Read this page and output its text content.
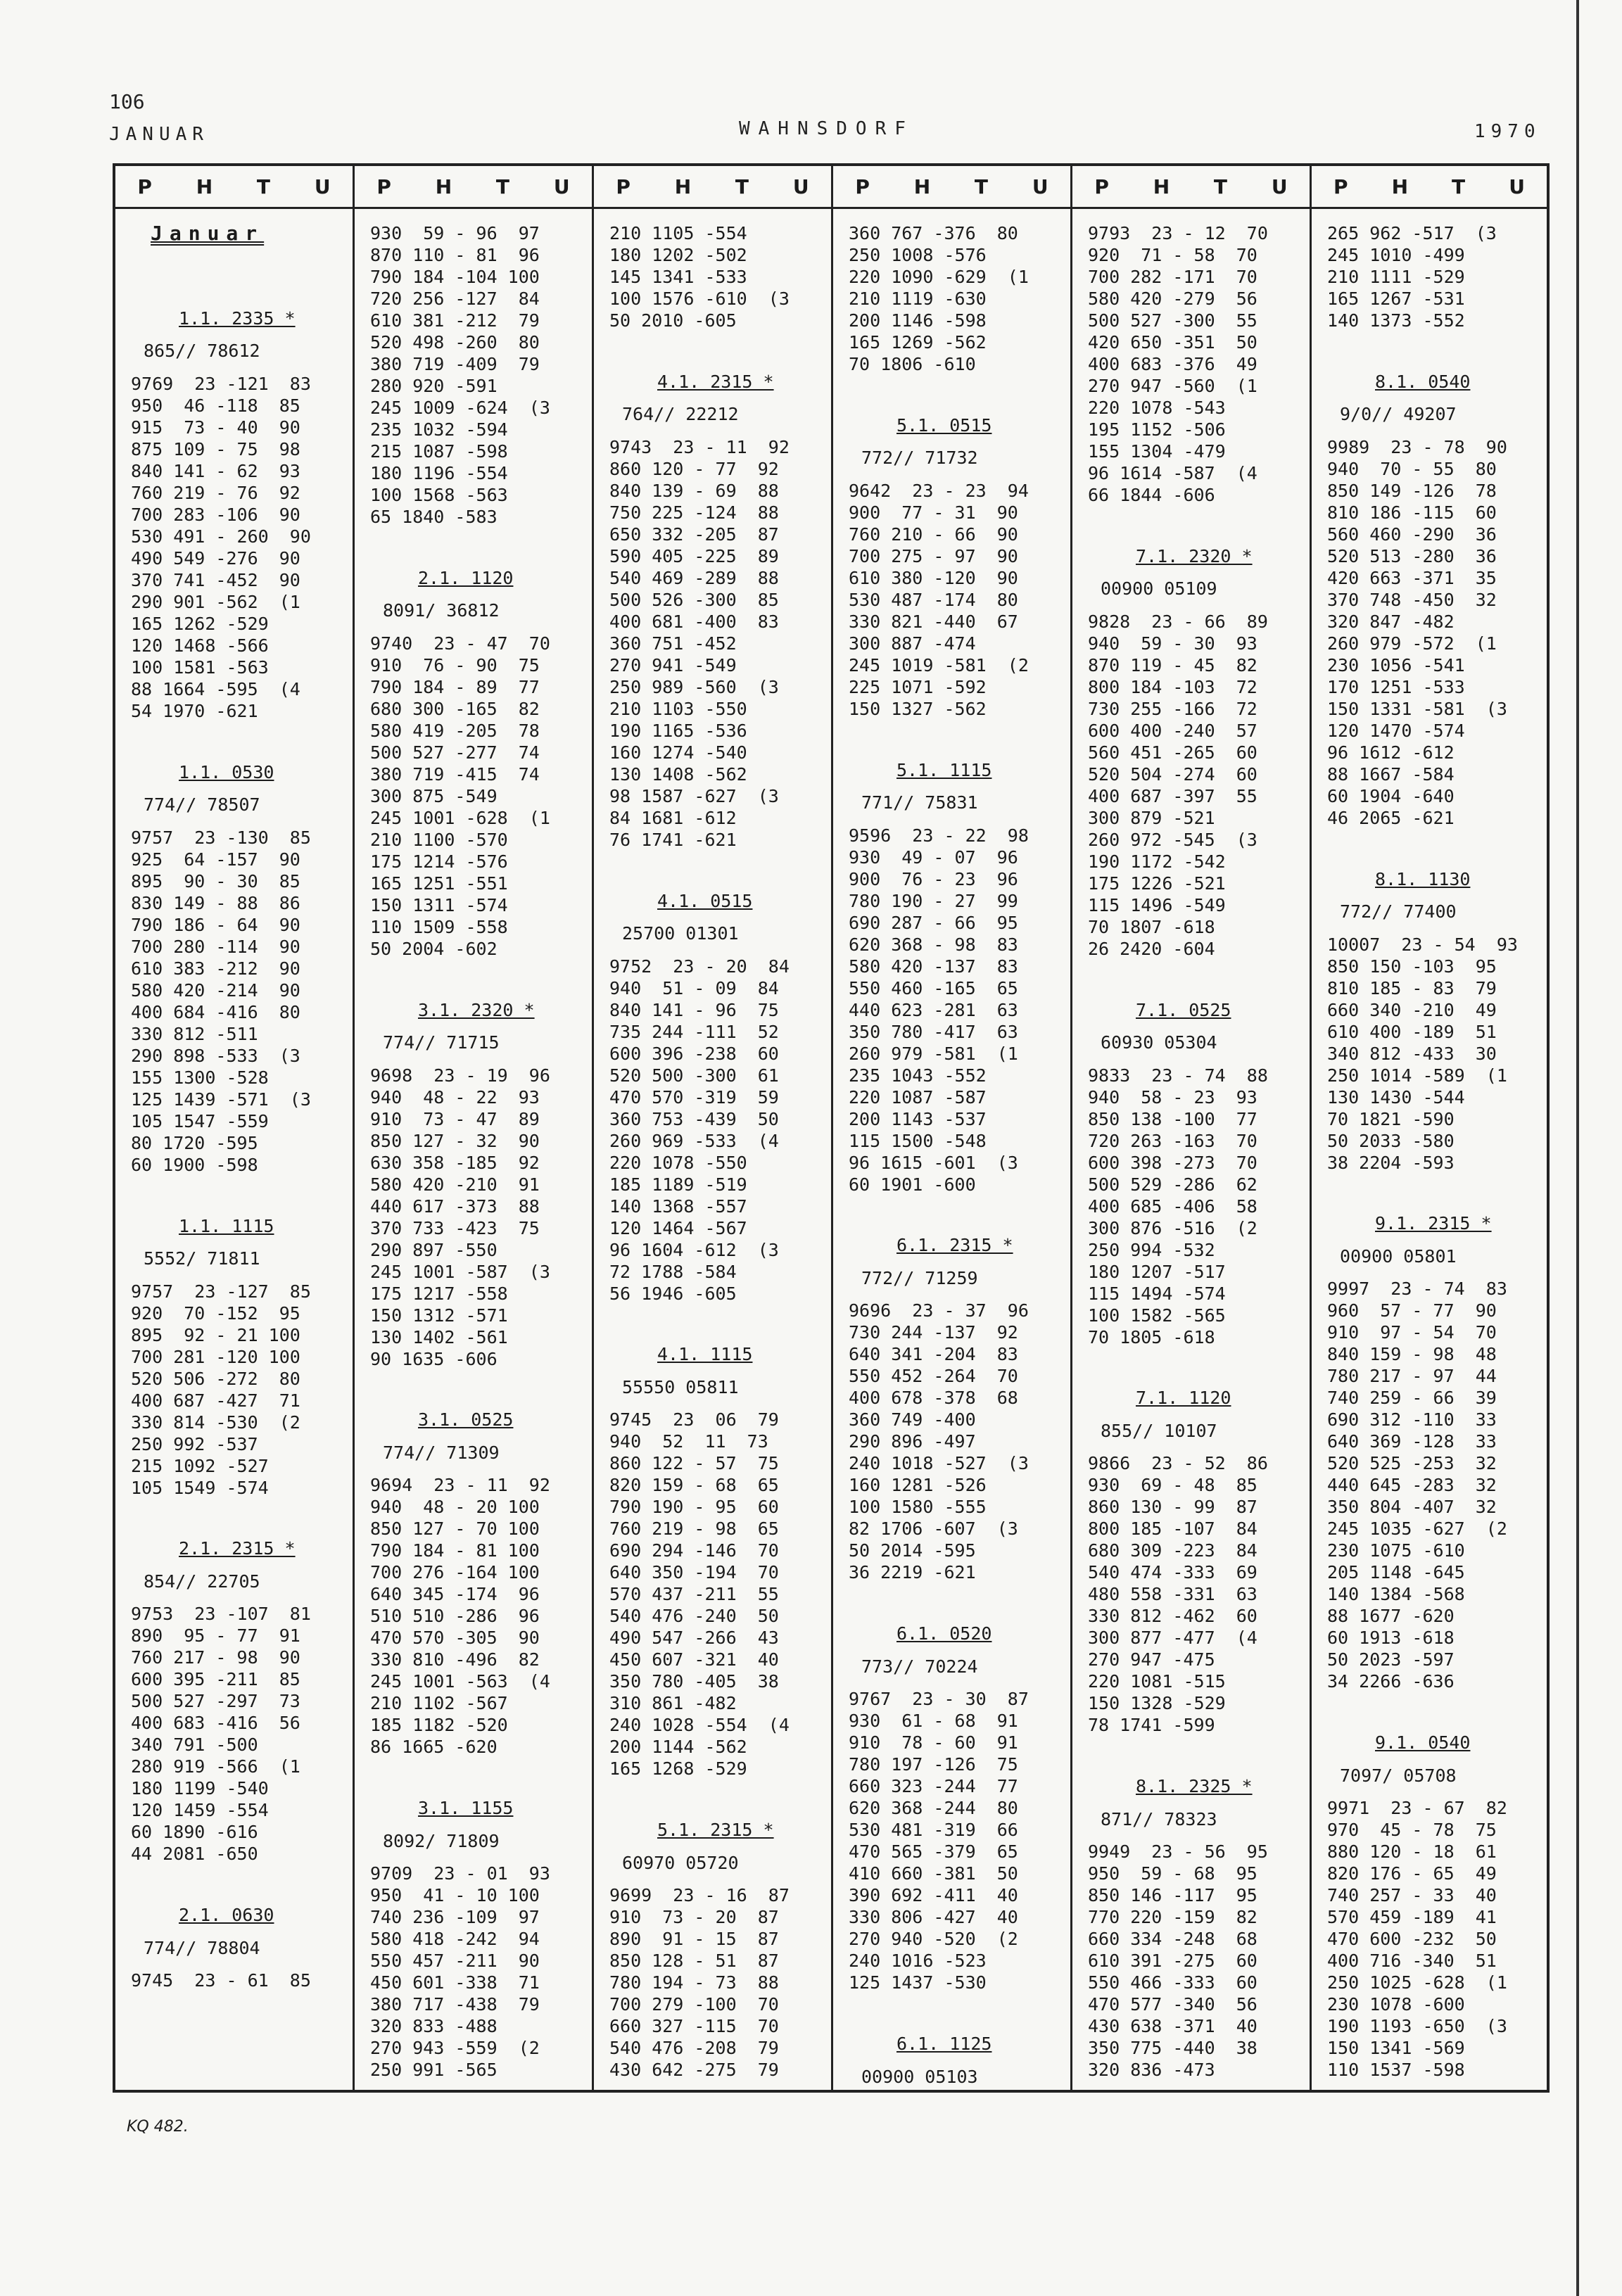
106
JANUAR	WAHNSDORF	1970
P H T U
Januar
1.1. 2335 *
865// 78612
9769  23 -121  83
950  46 -118  85
915  73 - 40  90
875 109 - 75  98
840 141 - 62  93
760 219 - 76  92
700 283 -106  90
530 491 - 260  90
490 549 -276  90
370 741 -452  90
290 901 -562  (1
165 1262 -529
120 1468 -566
100 1581 -563
88 1664 -595  (4
54 1970 -621
1.1. 0530
774// 78507
9757  23 -130  85
925  64 -157  90
895  90 - 30  85
830 149 - 88  86
790 186 - 64  90
700 280 -114  90
610 383 -212  90
580 420 -214  90
400 684 -416  80
330 812 -511
290 898 -533  (3
155 1300 -528
125 1439 -571  (3
105 1547 -559
80 1720 -595
60 1900 -598
1.1. 1115
5552/ 71811
9757  23 -127  85
920  70 -152  95
895  92 - 21 100
700 281 -120 100
520 506 -272  80
400 687 -427  71
330 814 -530  (2
250 992 -537
215 1092 -527
105 1549 -574
2.1. 2315 *
854// 22705
9753  23 -107  81
890  95 - 77  91
760 217 - 98  90
600 395 -211  85
500 527 -297  73
400 683 -416  56
340 791 -500
280 919 -566  (1
180 1199 -540
120 1459 -554
60 1890 -616
44 2081 -650
2.1. 0630
774// 78804
9745  23 - 61  85
P H T U
930  59 - 96  97
870 110 - 81  96
790 184 -104 100
720 256 -127  84
610 381 -212  79
520 498 -260  80
380 719 -409  79
280 920 -591
245 1009 -624  (3
235 1032 -594
215 1087 -598
180 1196 -554
100 1568 -563
65 1840 -583
2.1. 1120
8091/ 36812
9740  23 - 47  70
910  76 - 90  75
790 184 - 89  77
680 300 -165  82
580 419 -205  78
500 527 -277  74
380 719 -415  74
300 875 -549
245 1001 -628  (1
210 1100 -570
175 1214 -576
165 1251 -551
150 1311 -574
110 1509 -558
50 2004 -602
3.1. 2320 *
774// 71715
9698  23 - 19  96
940  48 - 22  93
910  73 - 47  89
850 127 - 32  90
630 358 -185  92
580 420 -210  91
440 617 -373  88
370 733 -423  75
290 897 -550
245 1001 -587  (3
175 1217 -558
150 1312 -571
130 1402 -561
90 1635 -606
3.1. 0525
774// 71309
9694  23 - 11  92
940  48 - 20 100
850 127 - 70 100
790 184 - 81 100
700 276 -164 100
640 345 -174  96
510 510 -286  96
470 570 -305  90
330 810 -496  82
245 1001 -563  (4
210 1102 -567
185 1182 -520
86 1665 -620
3.1. 1155
8092/ 71809
9709  23 - 01  93
950  41 - 10 100
740 236 -109  97
580 418 -242  94
550 457 -211  90
450 601 -338  71
380 717 -438  79
320 833 -488
270 943 -559  (2
250 991 -565
P H T U
210 1105 -554
180 1202 -502
145 1341 -533
100 1576 -610  (3
50 2010 -605
4.1. 2315 *
764// 22212
9743  23 - 11  92
860 120 - 77  92
840 139 - 69  88
750 225 -124  88
650 332 -205  87
590 405 -225  89
540 469 -289  88
500 526 -300  85
400 681 -400  83
360 751 -452
270 941 -549
250 989 -560  (3
210 1103 -550
190 1165 -536
160 1274 -540
130 1408 -562
98 1587 -627  (3
84 1681 -612
76 1741 -621
4.1. 0515
25700 01301
9752  23 - 20  84
940  51 - 09  84
840 141 - 96  75
735 244 -111  52
600 396 -238  60
520 500 -300  61
470 570 -319  59
360 753 -439  50
260 969 -533  (4
220 1078 -550
185 1189 -519
140 1368 -557
120 1464 -567
96 1604 -612  (3
72 1788 -584
56 1946 -605
4.1. 1115
55550 05811
9745  23  06  79
940  52  11  73
860 122 - 57  75
820 159 - 68  65
790 190 - 95  60
760 219 - 98  65
690 294 -146  70
640 350 -194  70
570 437 -211  55
540 476 -240  50
490 547 -266  43
450 607 -321  40
350 780 -405  38
310 861 -482
240 1028 -554  (4
200 1144 -562
165 1268 -529
5.1. 2315 *
60970 05720
9699  23 - 16  87
910  73 - 20  87
890  91 - 15  87
850 128 - 51  87
780 194 - 73  88
700 279 -100  70
660 327 -115  70
540 476 -208  79
430 642 -275  79
P H T U
360 767 -376  80
250 1008 -576
220 1090 -629  (1
210 1119 -630
200 1146 -598
165 1269 -562
70 1806 -610
5.1. 0515
772// 71732
9642  23 - 23  94
900  77 - 31  90
760 210 - 66  90
700 275 - 97  90
610 380 -120  90
530 487 -174  80
330 821 -440  67
300 887 -474
245 1019 -581  (2
225 1071 -592
150 1327 -562
5.1. 1115
771// 75831
9596  23 - 22  98
930  49 - 07  96
900  76 - 23  96
780 190 - 27  99
690 287 - 66  95
620 368 - 98  83
580 420 -137  83
550 460 -165  65
440 623 -281  63
350 780 -417  63
260 979 -581  (1
235 1043 -552
220 1087 -587
200 1143 -537
115 1500 -548
96 1615 -601  (3
60 1901 -600
6.1. 2315 *
772// 71259
9696  23 - 37  96
730 244 -137  92
640 341 -204  83
550 452 -264  70
400 678 -378  68
360 749 -400
290 896 -497
240 1018 -527  (3
160 1281 -526
100 1580 -555
82 1706 -607  (3
50 2014 -595
36 2219 -621
6.1. 0520
773// 70224
9767  23 - 30  87
930  61 - 68  91
910  78 - 60  91
780 197 -126  75
660 323 -244  77
620 368 -244  80
530 481 -319  66
470 565 -379  65
410 660 -381  50
390 692 -411  40
330 806 -427  40
270 940 -520  (2
240 1016 -523
125 1437 -530
6.1. 1125
00900 05103
P H T U
9793  23 - 12  70
920  71 - 58  70
700 282 -171  70
580 420 -279  56
500 527 -300  55
420 650 -351  50
400 683 -376  49
270 947 -560  (1
220 1078 -543
195 1152 -506
155 1304 -479
96 1614 -587  (4
66 1844 -606
7.1. 2320 *
00900 05109
9828  23 - 66  89
940  59 - 30  93
870 119 - 45  82
800 184 -103  72
730 255 -166  72
600 400 -240  57
560 451 -265  60
520 504 -274  60
400 687 -397  55
300 879 -521
260 972 -545  (3
190 1172 -542
175 1226 -521
115 1496 -549
70 1807 -618
26 2420 -604
7.1. 0525
60930 05304
9833  23 - 74  88
940  58 - 23  93
850 138 -100  77
720 263 -163  70
600 398 -273  70
500 529 -286  62
400 685 -406  58
300 876 -516  (2
250 994 -532
180 1207 -517
115 1494 -574
100 1582 -565
70 1805 -618
7.1. 1120
855// 10107
9866  23 - 52  86
930  69 - 48  85
860 130 - 99  87
800 185 -107  84
680 309 -223  84
540 474 -333  69
480 558 -331  63
330 812 -462  60
300 877 -477  (4
270 947 -475
220 1081 -515
150 1328 -529
78 1741 -599
8.1. 2325 *
871// 78323
9949  23 - 56  95
950  59 - 68  95
850 146 -117  95
770 220 -159  82
660 334 -248  68
610 391 -275  60
550 466 -333  60
470 577 -340  56
430 638 -371  40
350 775 -440  38
320 836 -473
P H T U
265 962 -517  (3
245 1010 -499
210 1111 -529
165 1267 -531
140 1373 -552
8.1. 0540
9/0// 49207
9989  23 - 78  90
940  70 - 55  80
850 149 -126  78
810 186 -115  60
560 460 -290  36
520 513 -280  36
420 663 -371  35
370 748 -450  32
320 847 -482
260 979 -572  (1
230 1056 -541
170 1251 -533
150 1331 -581  (3
120 1470 -574
96 1612 -612
88 1667 -584
60 1904 -640
46 2065 -621
8.1. 1130
772// 77400
10007  23 - 54  93
850 150 -103  95
810 185 - 83  79
660 340 -210  49
610 400 -189  51
340 812 -433  30
250 1014 -589  (1
130 1430 -544
70 1821 -590
50 2033 -580
38 2204 -593
9.1. 2315 *
00900 05801
9997  23 - 74  83
960  57 - 77  90
910  97 - 54  70
840 159 - 98  48
780 217 - 97  44
740 259 - 66  39
690 312 -110  33
640 369 -128  33
520 525 -253  32
440 645 -283  32
350 804 -407  32
245 1035 -627  (2
230 1075 -610
205 1148 -645
140 1384 -568
88 1677 -620
60 1913 -618
50 2023 -597
34 2266 -636
9.1. 0540
7097/ 05708
9971  23 - 67  82
970  45 - 78  75
880 120 - 18  61
820 176 - 65  49
740 257 - 33  40
570 459 -189  41
470 600 -232  50
400 716 -340  51
250 1025 -628  (1
230 1078 -600
190 1193 -650  (3
150 1341 -569
110 1537 -598
KQ 482.
